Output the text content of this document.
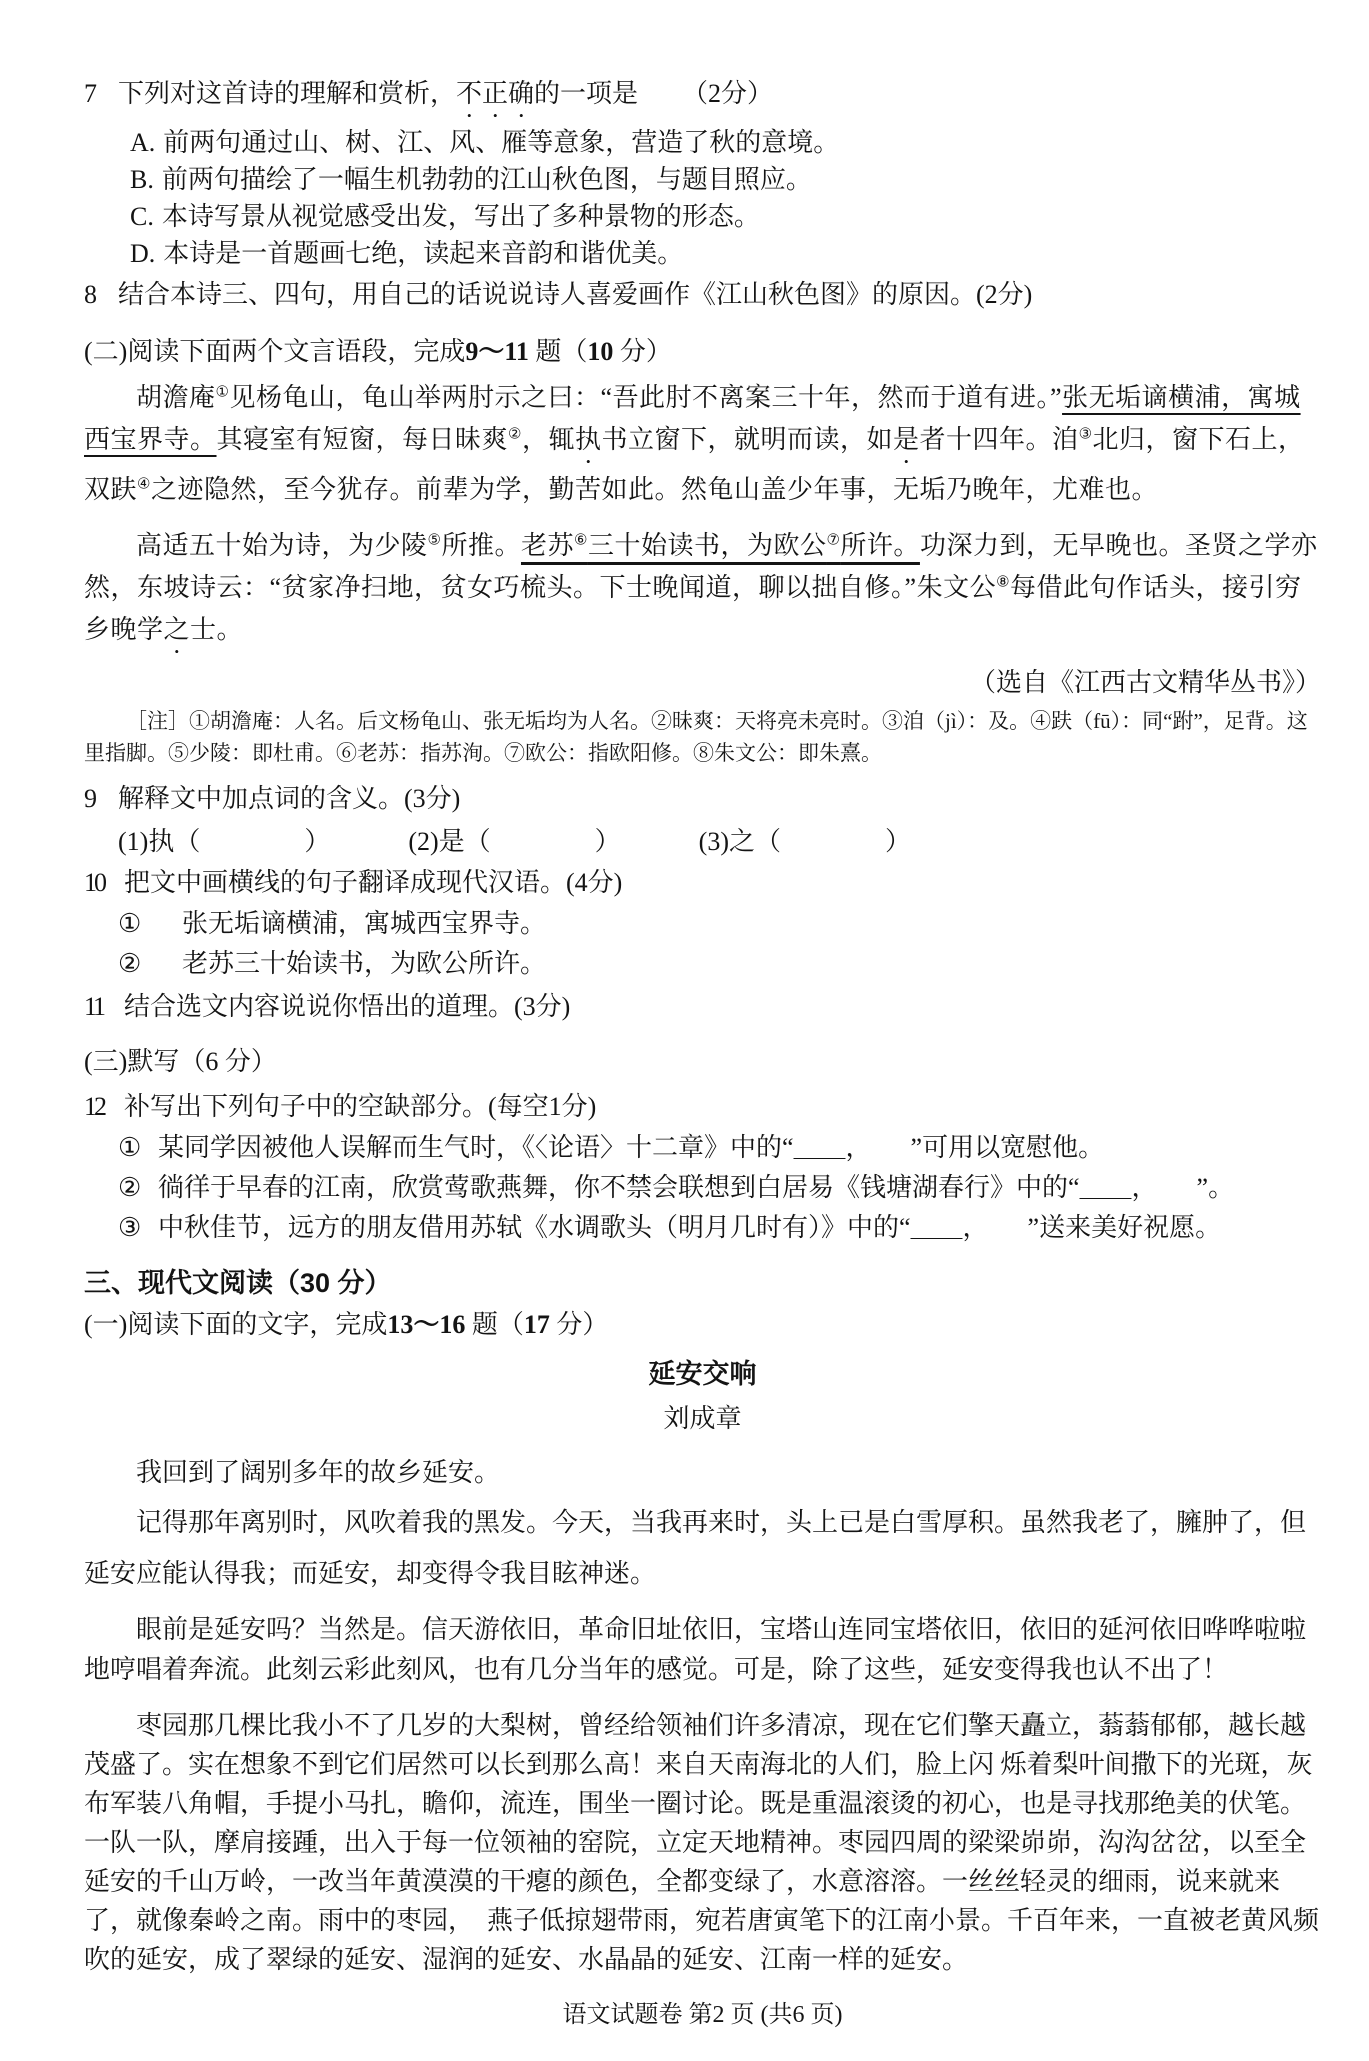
7 下列对这首诗的理解和赏析，不正确的一项是 （2分）
A. 前两句通过山、树、江、风、雁等意象，营造了秋的意境。
B. 前两句描绘了一幅生机勃勃的江山秋色图，与题目照应。
C. 本诗写景从视觉感受出发，写出了多种景物的形态。
D. 本诗是一首题画七绝，读起来音韵和谐优美。
8 结合本诗三、四句，用自己的话说说诗人喜爱画作《江山秋色图》的原因。(2分)
(二)阅读下面两个文言语段，完成9～11 题（10 分）

胡澹庵①见杨龟山，龟山举两肘示之曰：“吾此肘不离案三十年，然而于道有进。”张无垢谪横浦，寓城西宝界寺。其寝室有短窗，每日昧爽②，辄执书立窗下，就明而读，如是者十四年。洎③北归，窗下石上，双趺④之迹隐然，至今犹存。前辈为学，勤苦如此。然龟山盖少年事，无垢乃晚年，尤难也。

高适五十始为诗，为少陵⑤所推。老苏⑥三十始读书，为欧公⑦所许。功深力到，无早晚也。圣贤之学亦然，东坡诗云：“贫家净扫地，贫女巧梳头。下士晚闻道，聊以拙自修。”朱文公⑧每借此句作话头，接引穷乡晚学之士。

（选自《江西古文精华丛书》）
［注］①胡澹庵：人名。后文杨龟山、张无垢均为人名。②昧爽：天将亮未亮时。③洎（jì）：及。④趺（fū）：同“跗”，足背。这里指脚。⑤少陵：即杜甫。⑥老苏：指苏洵。⑦欧公：指欧阳修。⑧朱文公：即朱熹。
9 解释文中加点词的含义。(3分)
(1)执（　　　　）	(2)是（　　　　）	(3)之（　　　　）
10 把文中画横线的句子翻译成现代汉语。(4分)
① 张无垢谪横浦，寓城西宝界寺。
② 老苏三十始读书，为欧公所许。
11 结合选文内容说说你悟出的道理。(3分)
(三)默写（6 分）
12 补写出下列句子中的空缺部分。(每空1分)
① 某同学因被他人误解而生气时，《〈论语〉十二章》中的“＿＿，　　”可用以宽慰他。
② 徜徉于早春的江南，欣赏莺歌燕舞，你不禁会联想到白居易《钱塘湖春行》中的“＿＿，　　”。
③ 中秋佳节，远方的朋友借用苏轼《水调歌头（明月几时有）》中的“＿＿，　　”送来美好祝愿。
三、现代文阅读（30 分）
(一)阅读下面的文字，完成13～16 题（17 分）
延安交响
刘成章

我回到了阔别多年的故乡延安。

记得那年离别时，风吹着我的黑发。今天，当我再来时，头上已是白雪厚积。虽然我老了，臃肿了，但延安应能认得我；而延安，却变得令我目眩神迷。

眼前是延安吗？当然是。信天游依旧，革命旧址依旧，宝塔山连同宝塔依旧，依旧的延河依旧哗哗啦啦地哼唱着奔流。此刻云彩此刻风，也有几分当年的感觉。可是，除了这些，延安变得我也认不出了！

枣园那几棵比我小不了几岁的大梨树，曾经给领袖们许多清凉，现在它们擎天矗立，蓊蓊郁郁，越长越茂盛了。实在想象不到它们居然可以长到那么高！来自天南海北的人们，脸上闪 烁着梨叶间撒下的光斑，灰布军装八角帽，手提小马扎，瞻仰，流连，围坐一圈讨论。既是重温滚烫的初心，也是寻找那绝美的伏笔。一队一队，摩肩接踵，出入于每一位领袖的窑院，立定天地精神。枣园四周的梁梁峁峁，沟沟岔岔，以至全延安的千山万岭，一改当年黄漠漠的干瘪的颜色，全都变绿了，水意溶溶。一丝丝轻灵的细雨，说来就来了，就像秦岭之南。雨中的枣园，　燕子低掠翅带雨，宛若唐寅笔下的江南小景。千百年来，一直被老黄风频吹的延安，成了翠绿的延安、湿润的延安、水晶晶的延安、江南一样的延安。

语文试题卷 第2 页 (共6 页)
